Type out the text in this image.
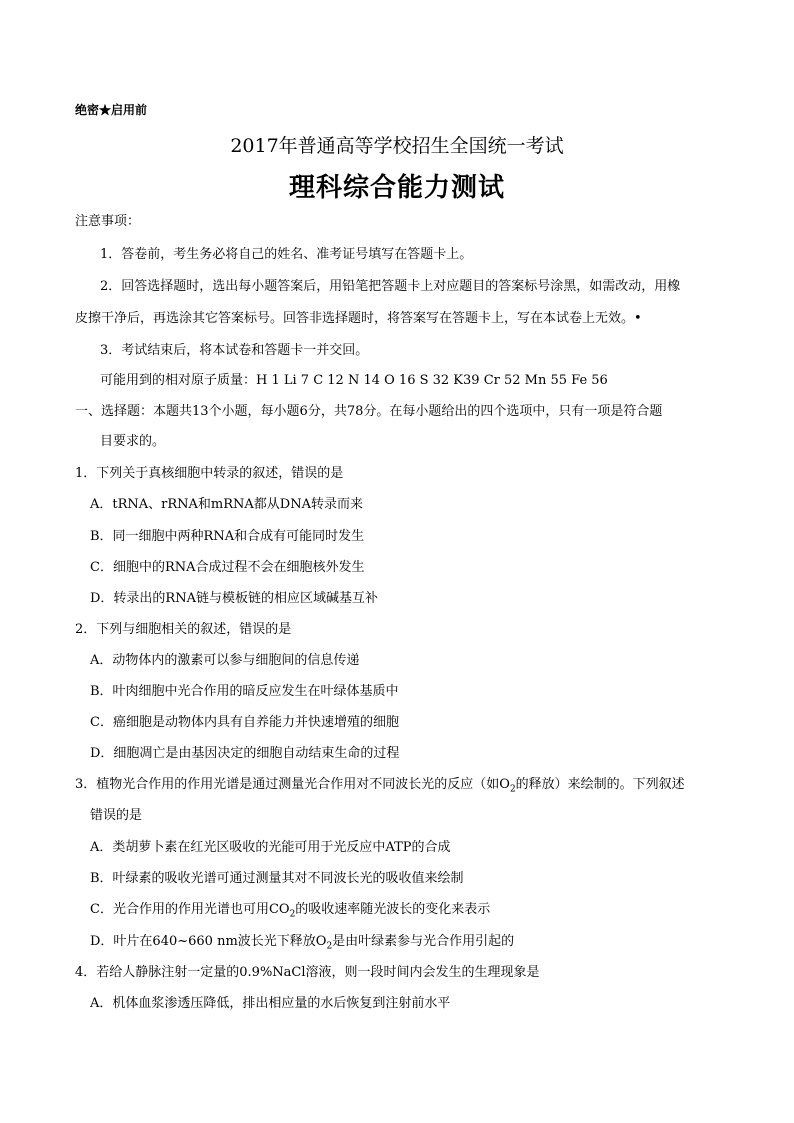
绝密★启用前
2017年普通高等学校招生全国统一考试
理科综合能力测试
注意事项：
1．答卷前，考生务必将自己的姓名、准考证号填写在答题卡上。
2．回答选择题时，选出每小题答案后，用铅笔把答题卡上对应题目的答案标号涂黑，如需改动，用橡
皮擦干净后，再选涂其它答案标号。回答非选择题时，将答案写在答题卡上，写在本试卷上无效。•
3．考试结束后，将本试卷和答题卡一并交回。
可能用到的相对原子质量：H 1 Li 7 C 12 N 14 O 16 S 32 K39 Cr 52 Mn 55 Fe 56
一、选择题：本题共13个小题，每小题6分，共78分。在每小题给出的四个选项中，只有一项是符合题
目要求的。
1．下列关于真核细胞中转录的叙述，错误的是
A．tRNA、rRNA和mRNA都从DNA转录而来
B．同一细胞中两种RNA和合成有可能同时发生
C．细胞中的RNA合成过程不会在细胞核外发生
D．转录出的RNA链与模板链的相应区域碱基互补
2．下列与细胞相关的叙述，错误的是
A．动物体内的激素可以参与细胞间的信息传递
B．叶肉细胞中光合作用的暗反应发生在叶绿体基质中
C．癌细胞是动物体内具有自养能力并快速增殖的细胞
D．细胞凋亡是由基因决定的细胞自动结束生命的过程
3．植物光合作用的作用光谱是通过测量光合作用对不同波长光的反应（如$O_2$的释放）来绘制的。下列叙述
错误的是
A．类胡萝卜素在红光区吸收的光能可用于光反应中ATP的合成
B．叶绿素的吸收光谱可通过测量其对不同波长光的吸收值来绘制
C．光合作用的作用光谱也可用$CO_2$的吸收速率随光波长的变化来表示
D．叶片在640~660 nm波长光下释放$O_2$是由叶绿素参与光合作用引起的
4．若给人静脉注射一定量的0.9%NaCl溶液，则一段时间内会发生的生理现象是
A．机体血浆渗透压降低，排出相应量的水后恢复到注射前水平
